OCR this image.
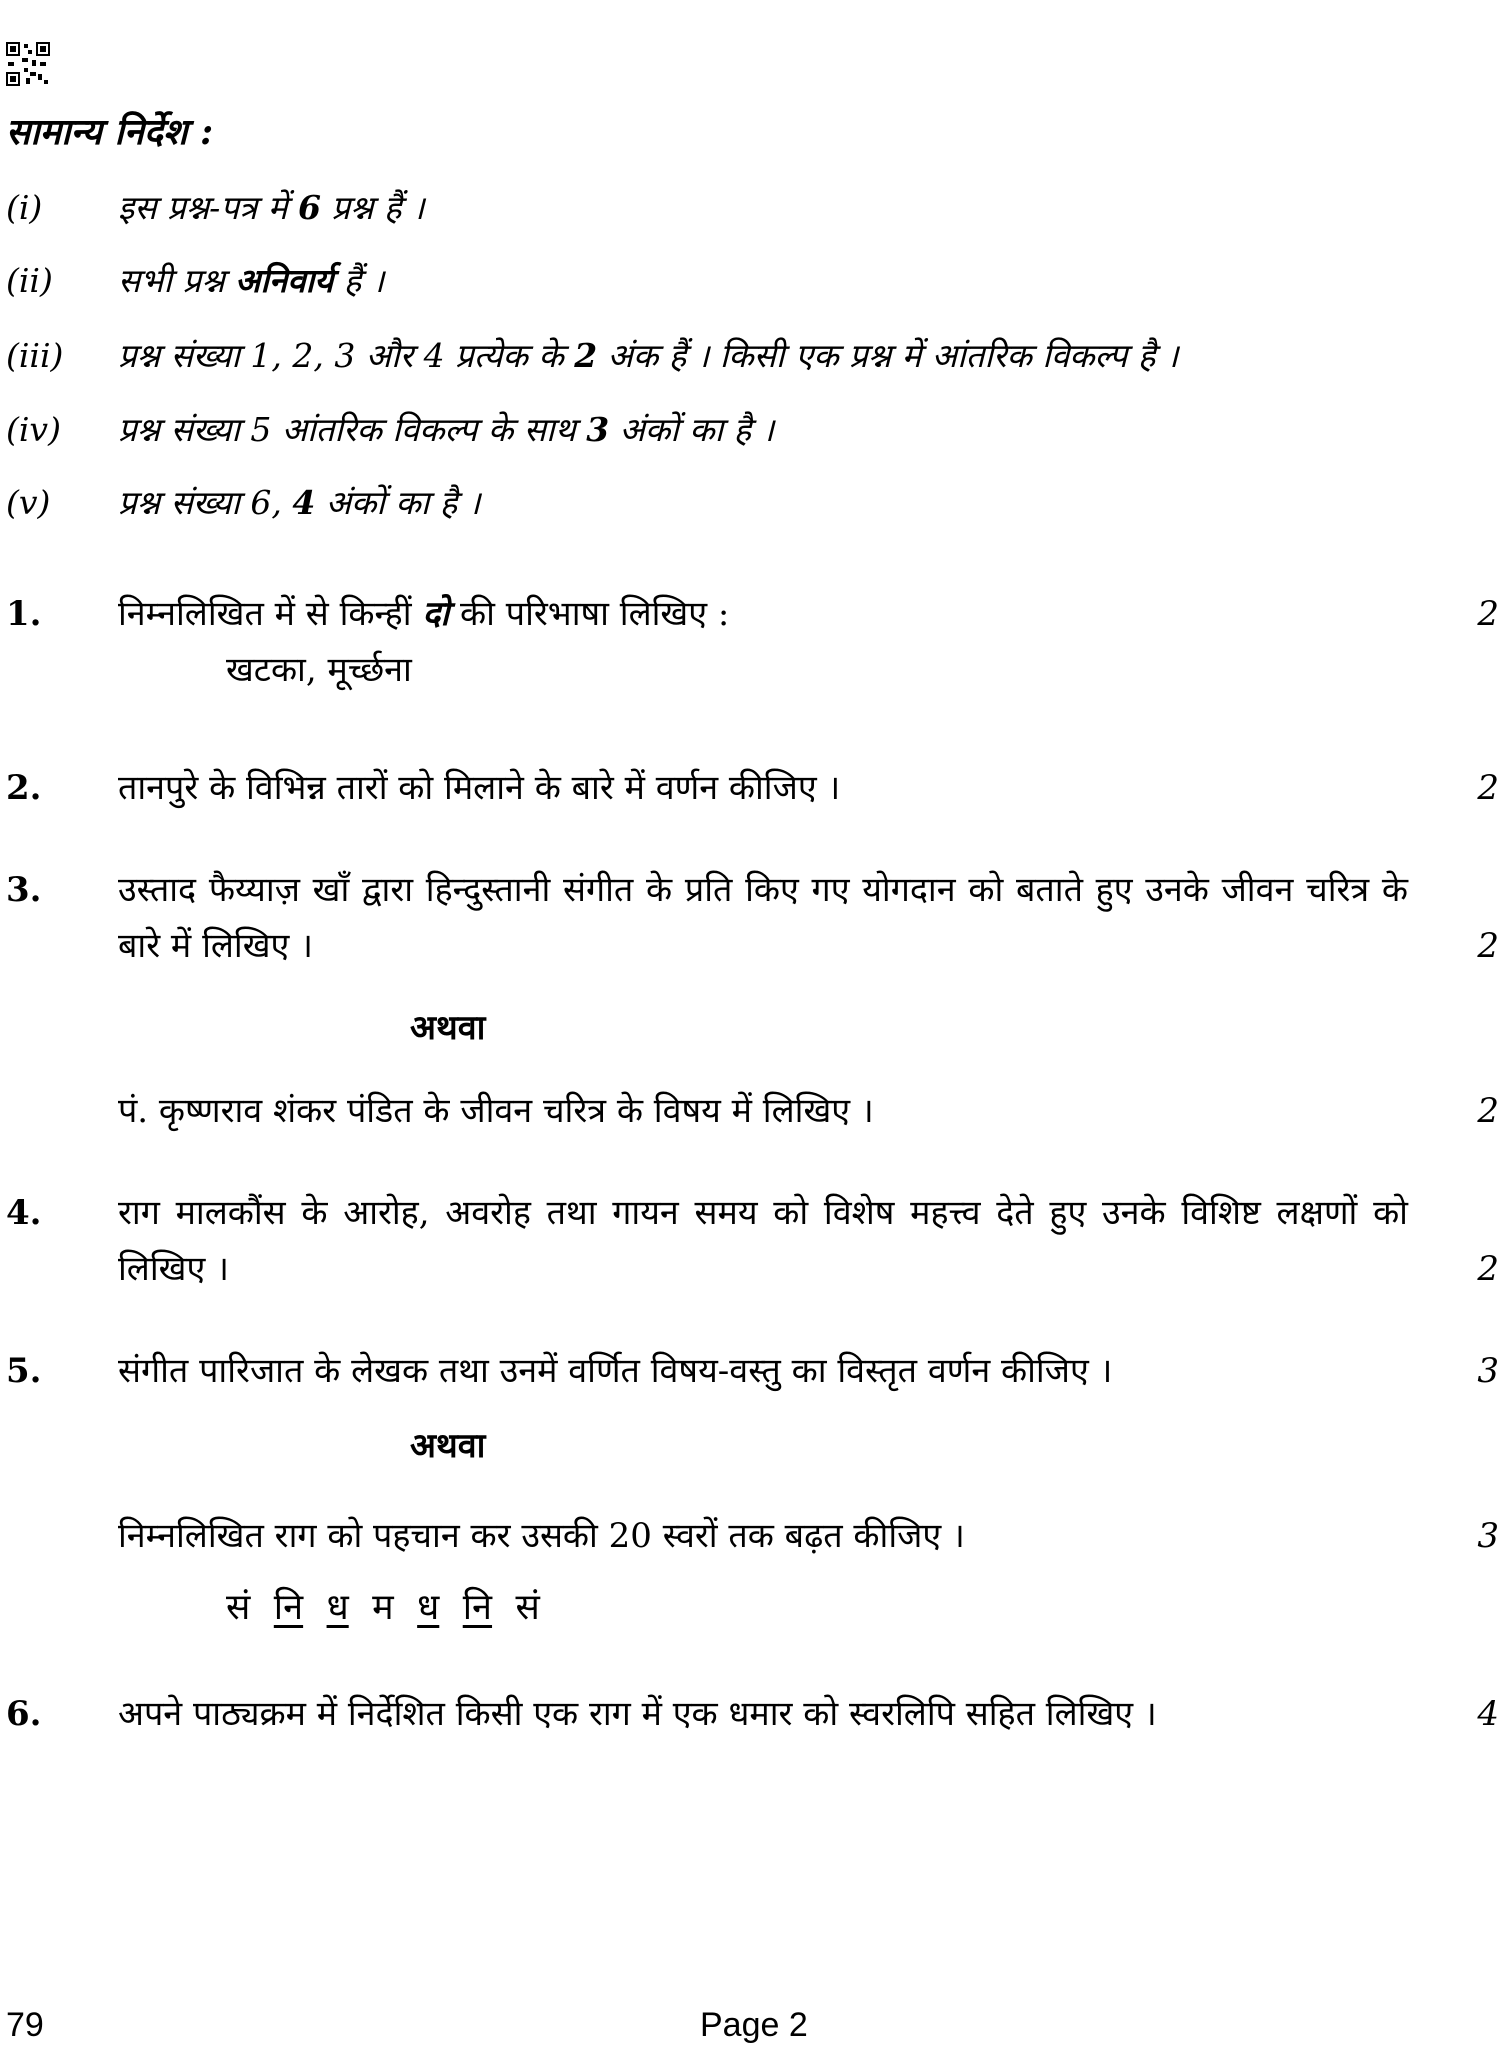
सामान्य निर्देश :
(i) इस प्रश्न-पत्र में 6 प्रश्न हैं ।
(ii) सभी प्रश्न अनिवार्य हैं ।
(iii) प्रश्न संख्या 1, 2, 3 और 4 प्रत्येक के 2 अंक हैं । किसी एक प्रश्न में आंतरिक विकल्प है ।
(iv) प्रश्न संख्या 5 आंतरिक विकल्प के साथ 3 अंकों का है ।
(v) प्रश्न संख्या 6, 4 अंकों का है ।
1. निम्नलिखित में से किन्हीं दो की परिभाषा लिखिए :	2
खटका, मूर्च्छना
2. तानपुरे के विभिन्न तारों को मिलाने के बारे में वर्णन कीजिए ।	2
3. उस्ताद फैय्याज़ खाँ द्वारा हिन्दुस्तानी संगीत के प्रति किए गए योगदान को बताते हुए उनके जीवन चरित्र के बारे में लिखिए ।	2
अथवा
पं. कृष्णराव शंकर पंडित के जीवन चरित्र के विषय में लिखिए ।	2
4. राग मालकौंस के आरोह, अवरोह तथा गायन समय को विशेष महत्त्व देते हुए उनके विशिष्ट लक्षणों को लिखिए ।	2
5. संगीत पारिजात के लेखक तथा उनमें वर्णित विषय-वस्तु का विस्तृत वर्णन कीजिए ।	3
अथवा
निम्नलिखित राग को पहचान कर उसकी 20 स्वरों तक बढ़त कीजिए ।	3
सं नि ध म ध नि सं
6. अपने पाठ्यक्रम में निर्देशित किसी एक राग में एक धमार को स्वरलिपि सहित लिखिए ।	4
79	Page 2
